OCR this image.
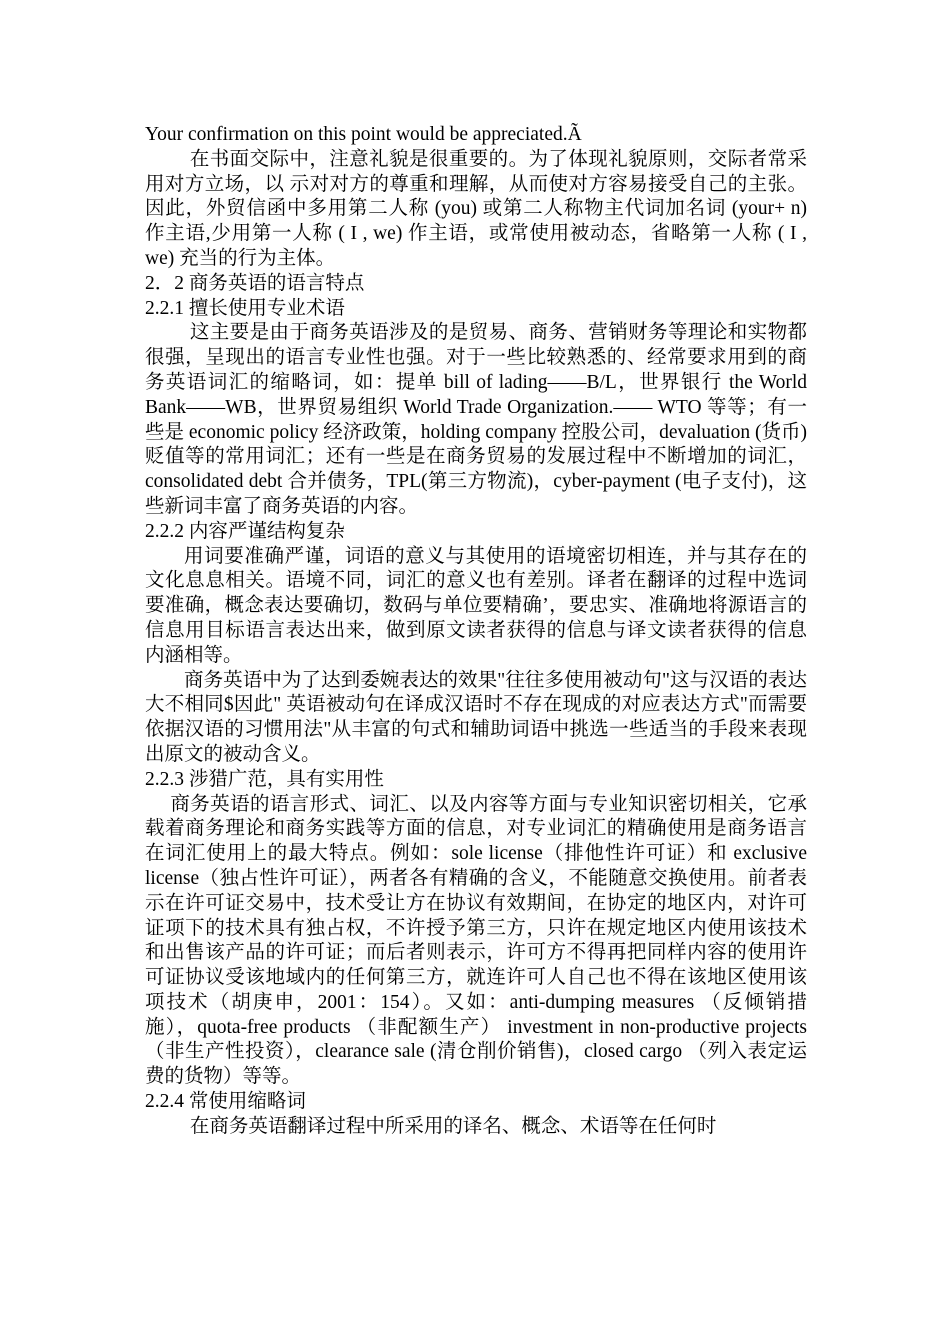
Your confirmation on this point would be appreciated.Ã

在书面交际中，注意礼貌是很重要的。为了体现礼貌原则，交际者常采用对方立场，以 示对对方的尊重和理解，从而使对方容易接受自己的主张。因此，外贸信函中多用第二人称 (you) 或第二人称物主代词加名词 (your+ n) 作主语,少用第一人称 ( I , we) 作主语，或常使用被动态，省略第一人称 ( I , we) 充当的行为主体。

2．2 商务英语的语言特点

2.2.1 擅长使用专业术语

这主要是由于商务英语涉及的是贸易、商务、营销财务等理论和实物都很强，呈现出的语言专业性也强。对于一些比较熟悉的、经常要求用到的商务英语词汇的缩略词，如：提单 bill of lading——B/L，世界银行 the World Bank——WB，世界贸易组织 World Trade Organization.—— WTO 等等；有一些是 economic policy 经济政策，holding company 控股公司，devaluation (货币)贬值等的常用词汇；还有一些是在商务贸易的发展过程中不断增加的词汇，consolidated debt 合并债务，TPL(第三方物流)，cyber-payment (电子支付)，这些新词丰富了商务英语的内容。

2.2.2 内容严谨结构复杂

用词要准确严谨，词语的意义与其使用的语境密切相连，并与其存在的文化息息相关。语境不同，词汇的意义也有差别。译者在翻译的过程中选词要准确，概念表达要确切，数码与单位要精确’，要忠实、准确地将源语言的信息用目标语言表达出来，做到原文读者获得的信息与译文读者获得的信息内涵相等。

商务英语中为了达到委婉表达的效果"往往多使用被动句"这与汉语的表达大不相同$因此" 英语被动句在译成汉语时不存在现成的对应表达方式"而需要依据汉语的习惯用法"从丰富的句式和辅助词语中挑选一些适当的手段来表现出原文的被动含义。

2.2.3 涉猎广范，具有实用性

商务英语的语言形式、词汇、以及内容等方面与专业知识密切相关，它承载着商务理论和商务实践等方面的信息，对专业词汇的精确使用是商务语言在词汇使用上的最大特点。例如：sole license（排他性许可证）和 exclusive license（独占性许可证），两者各有精确的含义，不能随意交换使用。前者表示在许可证交易中，技术受让方在协议有效期间，在协定的地区内，对许可证项下的技术具有独占权，不许授予第三方，只许在规定地区内使用该技术和出售该产品的许可证；而后者则表示，许可方不得再把同样内容的使用许可证协议受该地域内的任何第三方，就连许可人自己也不得在该地区使用该项技术（胡庚申，2001：154）。又如：anti-dumping measures （反倾销措施），quota-free products （非配额生产） investment in non-productive projects （非生产性投资），clearance sale (清仓削价销售)，closed cargo （列入表定运费的货物）等等。

2.2.4 常使用缩略词

在商务英语翻译过程中所采用的译名、概念、术语等在任何时
